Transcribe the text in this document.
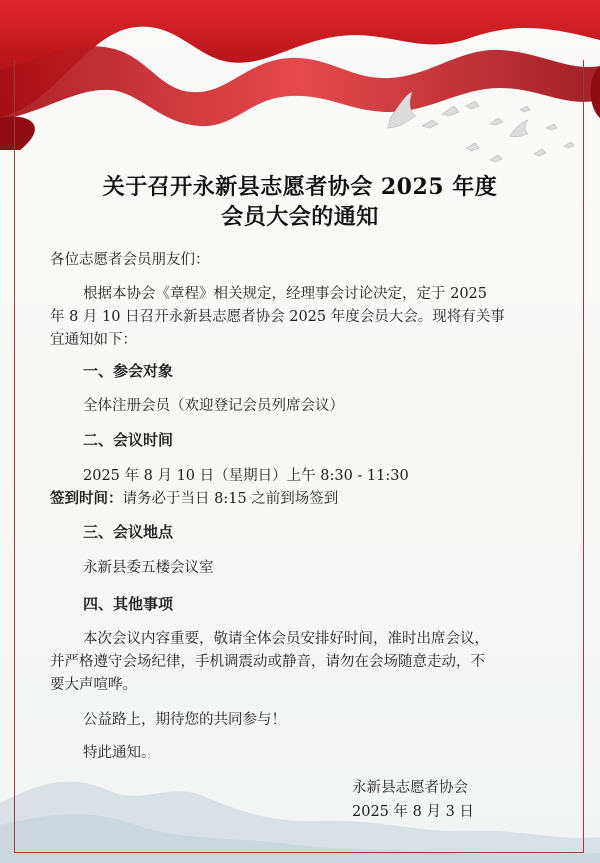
关于召开永新县志愿者协会 2025 年度
会员大会的通知
各位志愿者会员朋友们：
根据本协会《章程》相关规定，经理事会讨论决定，定于 2025
年 8 月 10 日召开永新县志愿者协会 2025 年度会员大会。现将有关事
宜通知如下：
一、参会对象
全体注册会员（欢迎登记会员列席会议）
二、会议时间
2025 年 8 月 10 日（星期日）上午 8:30 - 11:30
签到时间：请务必于当日 8:15 之前到场签到
三、会议地点
永新县委五楼会议室
四、其他事项
本次会议内容重要，敬请全体会员安排好时间，准时出席会议，
并严格遵守会场纪律，手机调震动或静音，请勿在会场随意走动，不
要大声喧哗。
公益路上，期待您的共同参与！
特此通知。
永新县志愿者协会
2025 年 8 月 3 日
